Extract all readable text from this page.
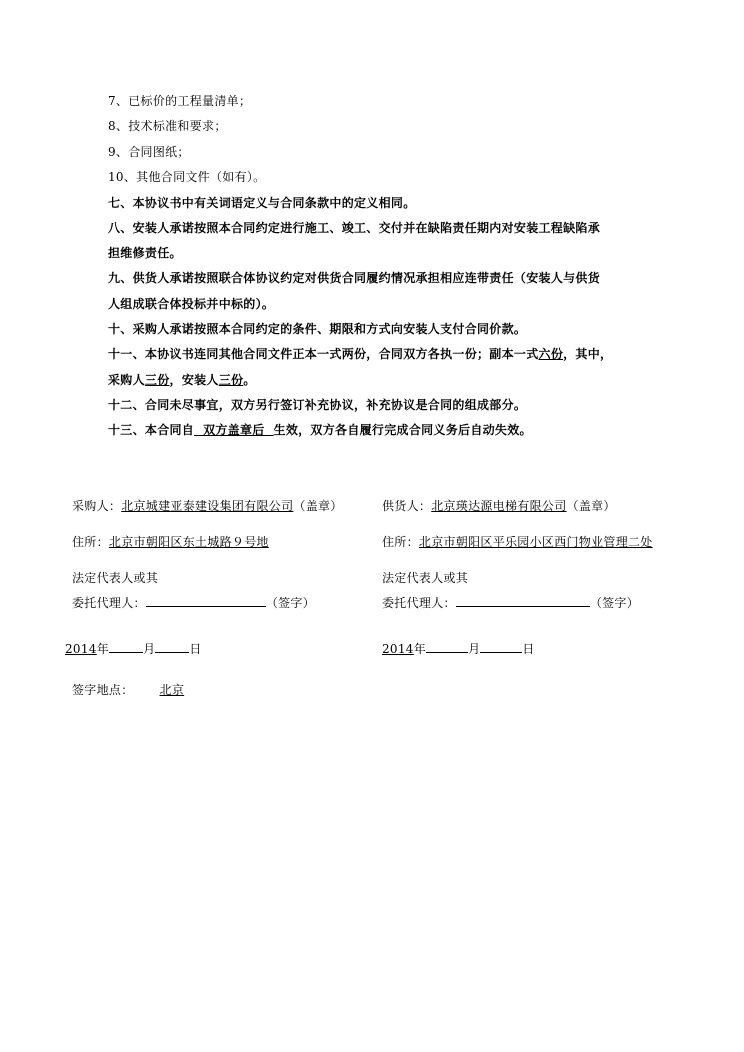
7、已标价的工程量清单；
8、技术标准和要求；
9、合同图纸；
10、其他合同文件（如有）。
七、本协议书中有关词语定义与合同条款中的定义相同。
八、安装人承诺按照本合同约定进行施工、竣工、交付并在缺陷责任期内对安装工程缺陷承
担维修责任。
九、供货人承诺按照联合体协议约定对供货合同履约情况承担相应连带责任（安装人与供货
人组成联合体投标并中标的）。
十、采购人承诺按照本合同约定的条件、期限和方式向安装人支付合同价款。
十一、本协议书连同其他合同文件正本一式两份，合同双方各执一份；副本一式六份，其中，
采购人三份，安装人三份。
十二、合同未尽事宜，双方另行签订补充协议，补充协议是合同的组成部分。
十三、本合同自  双方盖章后  生效，双方各自履行完成合同义务后自动失效。
采购人：北京城建亚泰建设集团有限公司（盖章）
住所：北京市朝阳区东土城路９号地
法定代表人或其
委托代理人：	（签字）
2014年	月	日
供货人：北京瑛达源电梯有限公司（盖章）
住所：北京市朝阳区平乐园小区西门物业管理二处
法定代表人或其
委托代理人：	（签字）
2014年	月	日
签字地点： 北京
